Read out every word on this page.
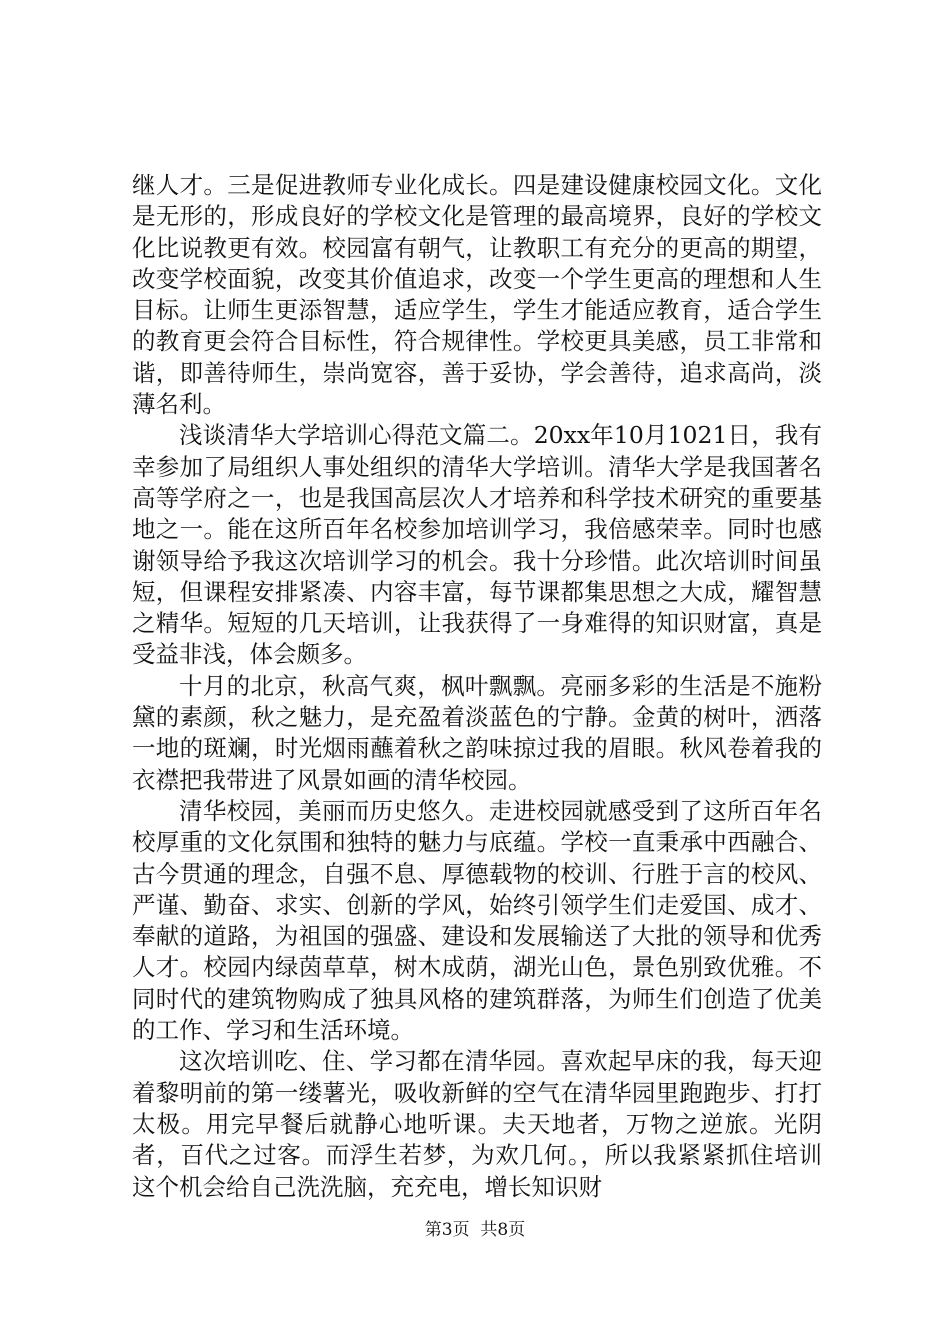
继人才。三是促进教师专业化成长。四是建设健康校园文化。文化是无形的，形成良好的学校文化是管理的最高境界，良好的学校文化比说教更有效。校园富有朝气，让教职工有充分的更高的期望，改变学校面貌，改变其价值追求，改变一个学生更高的理想和人生目标。让师生更添智慧，适应学生，学生才能适应教育，适合学生的教育更会符合目标性，符合规律性。学校更具美感，员工非常和谐，即善待师生，崇尚宽容，善于妥协，学会善待，追求高尚，淡薄名利。

浅谈清华大学培训心得范文篇二。20xx年10月1021日，我有幸参加了局组织人事处组织的清华大学培训。清华大学是我国著名高等学府之一，也是我国高层次人才培养和科学技术研究的重要基地之一。能在这所百年名校参加培训学习，我倍感荣幸。同时也感谢领导给予我这次培训学习的机会。我十分珍惜。此次培训时间虽短，但课程安排紧凑、内容丰富，每节课都集思想之大成，耀智慧之精华。短短的几天培训，让我获得了一身难得的知识财富，真是受益非浅，体会颇多。

十月的北京，秋高气爽，枫叶飘飘。亮丽多彩的生活是不施粉黛的素颜，秋之魅力，是充盈着淡蓝色的宁静。金黄的树叶，洒落一地的斑斓，时光烟雨蘸着秋之韵味掠过我的眉眼。秋风卷着我的衣襟把我带进了风景如画的清华校园。

清华校园，美丽而历史悠久。走进校园就感受到了这所百年名校厚重的文化氛围和独特的魅力与底蕴。学校一直秉承中西融合、古今贯通的理念，自强不息、厚德载物的校训、行胜于言的校风、严谨、勤奋、求实、创新的学风，始终引领学生们走爱国、成才、奉献的道路，为祖国的强盛、建设和发展输送了大批的领导和优秀人才。校园内绿茵草草，树木成荫，湖光山色，景色别致优雅。不同时代的建筑物购成了独具风格的建筑群落，为师生们创造了优美的工作、学习和生活环境。

这次培训吃、住、学习都在清华园。喜欢起早床的我，每天迎着黎明前的第一缕薯光，吸收新鲜的空气在清华园里跑跑步、打打太极。用完早餐后就静心地听课。夫天地者，万物之逆旅。光阴者，百代之过客。而浮生若梦，为欢几何。，所以我紧紧抓住培训这个机会给自己洗洗脑，充充电，增长知识财

第3页  共8页
